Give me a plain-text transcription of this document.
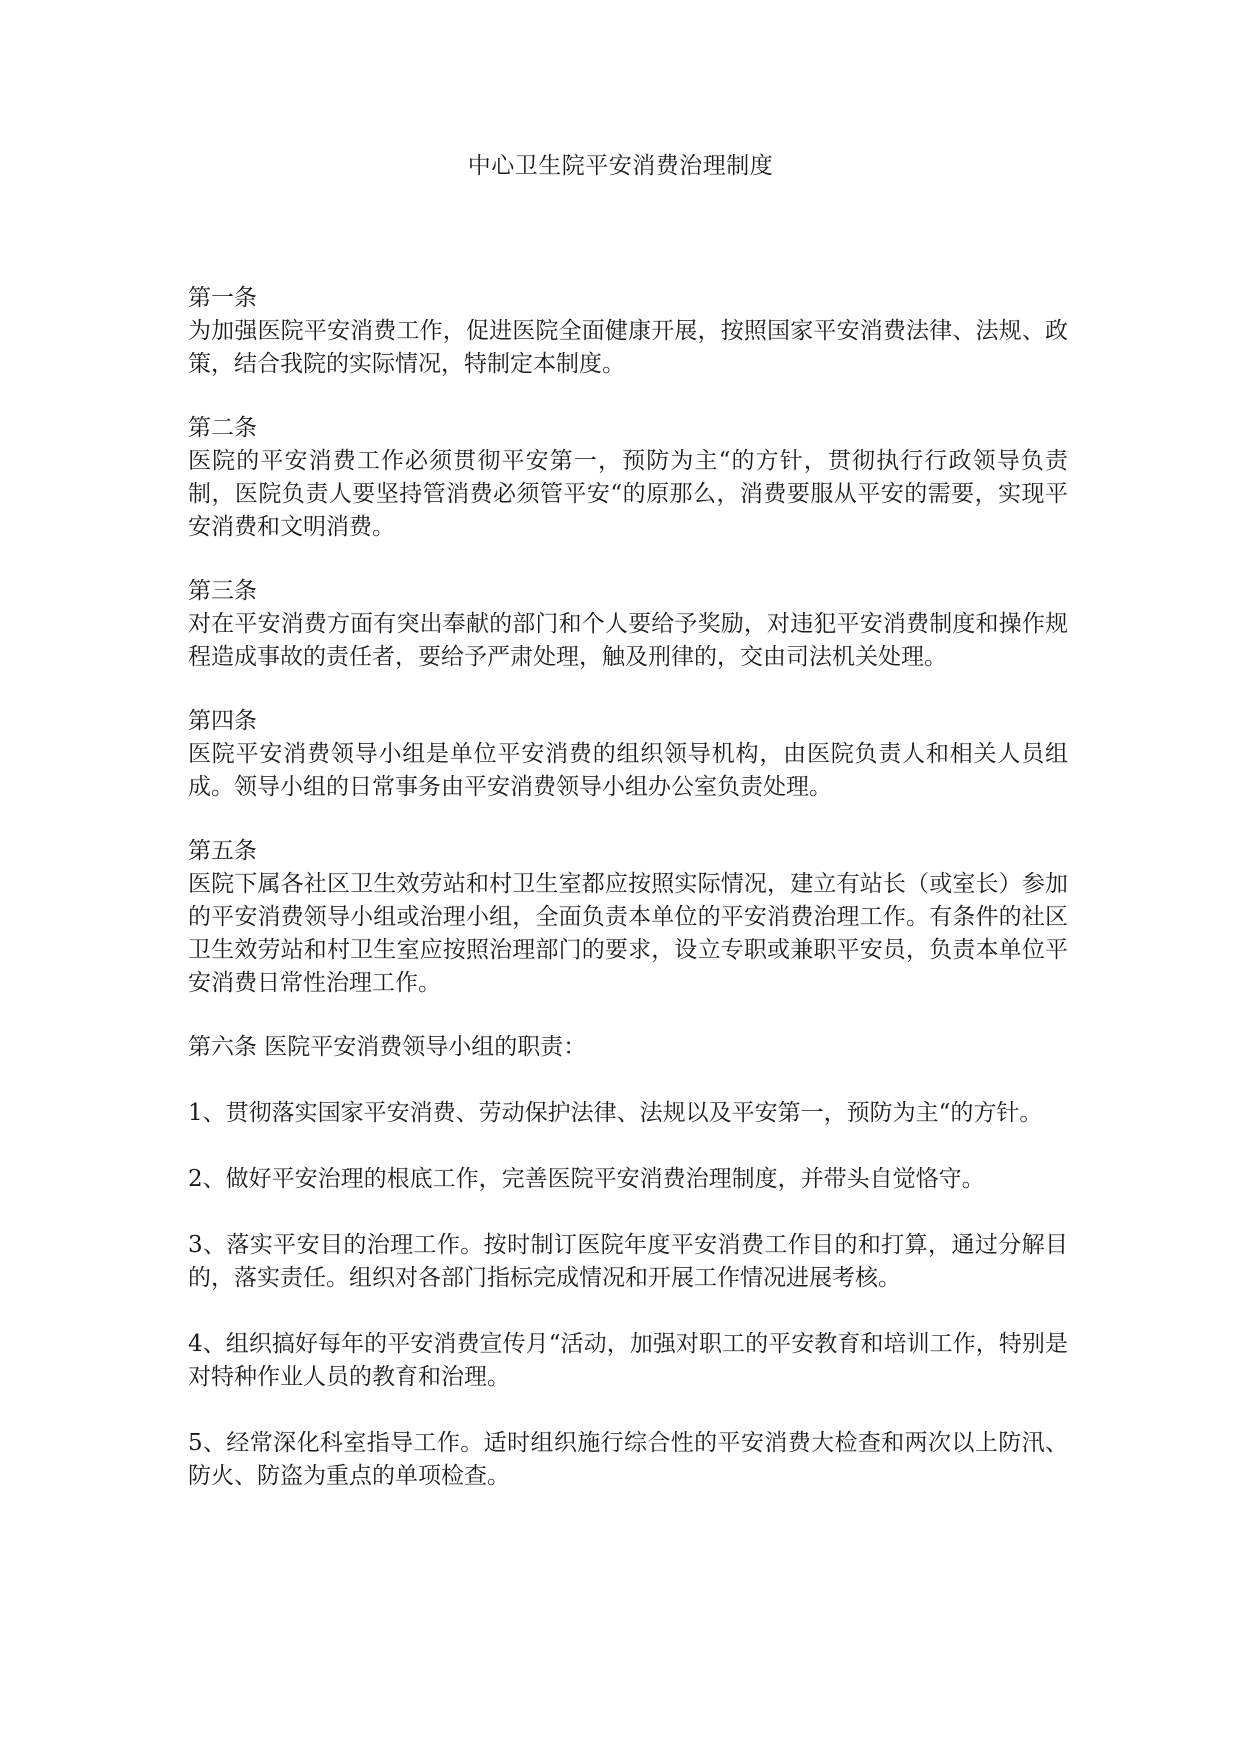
中心卫生院平安消费治理制度
第一条
为加强医院平安消费工作，促进医院全面健康开展，按照国家平安消费法律、法规、政策，结合我院的实际情况，特制定本制度。
第二条
医院的平安消费工作必须贯彻平安第一，预防为主“的方针，贯彻执行行政领导负责制，医院负责人要坚持管消费必须管平安“的原那么，消费要服从平安的需要，实现平安消费和文明消费。
第三条
对在平安消费方面有突出奉献的部门和个人要给予奖励，对违犯平安消费制度和操作规程造成事故的责任者，要给予严肃处理，触及刑律的，交由司法机关处理。
第四条
医院平安消费领导小组是单位平安消费的组织领导机构，由医院负责人和相关人员组成。领导小组的日常事务由平安消费领导小组办公室负责处理。
第五条
医院下属各社区卫生效劳站和村卫生室都应按照实际情况，建立有站长（或室长）参加的平安消费领导小组或治理小组，全面负责本单位的平安消费治理工作。有条件的社区卫生效劳站和村卫生室应按照治理部门的要求，设立专职或兼职平安员，负责本单位平安消费日常性治理工作。

第六条 医院平安消费领导小组的职责：

1、贯彻落实国家平安消费、劳动保护法律、法规以及平安第一，预防为主“的方针。

2、做好平安治理的根底工作，完善医院平安消费治理制度，并带头自觉恪守。

3、落实平安目的治理工作。按时制订医院年度平安消费工作目的和打算，通过分解目的，落实责任。组织对各部门指标完成情况和开展工作情况进展考核。

4、组织搞好每年的平安消费宣传月“活动，加强对职工的平安教育和培训工作，特别是对特种作业人员的教育和治理。

5、经常深化科室指导工作。适时组织施行综合性的平安消费大检查和两次以上防汛、防火、防盗为重点的单项检查。
